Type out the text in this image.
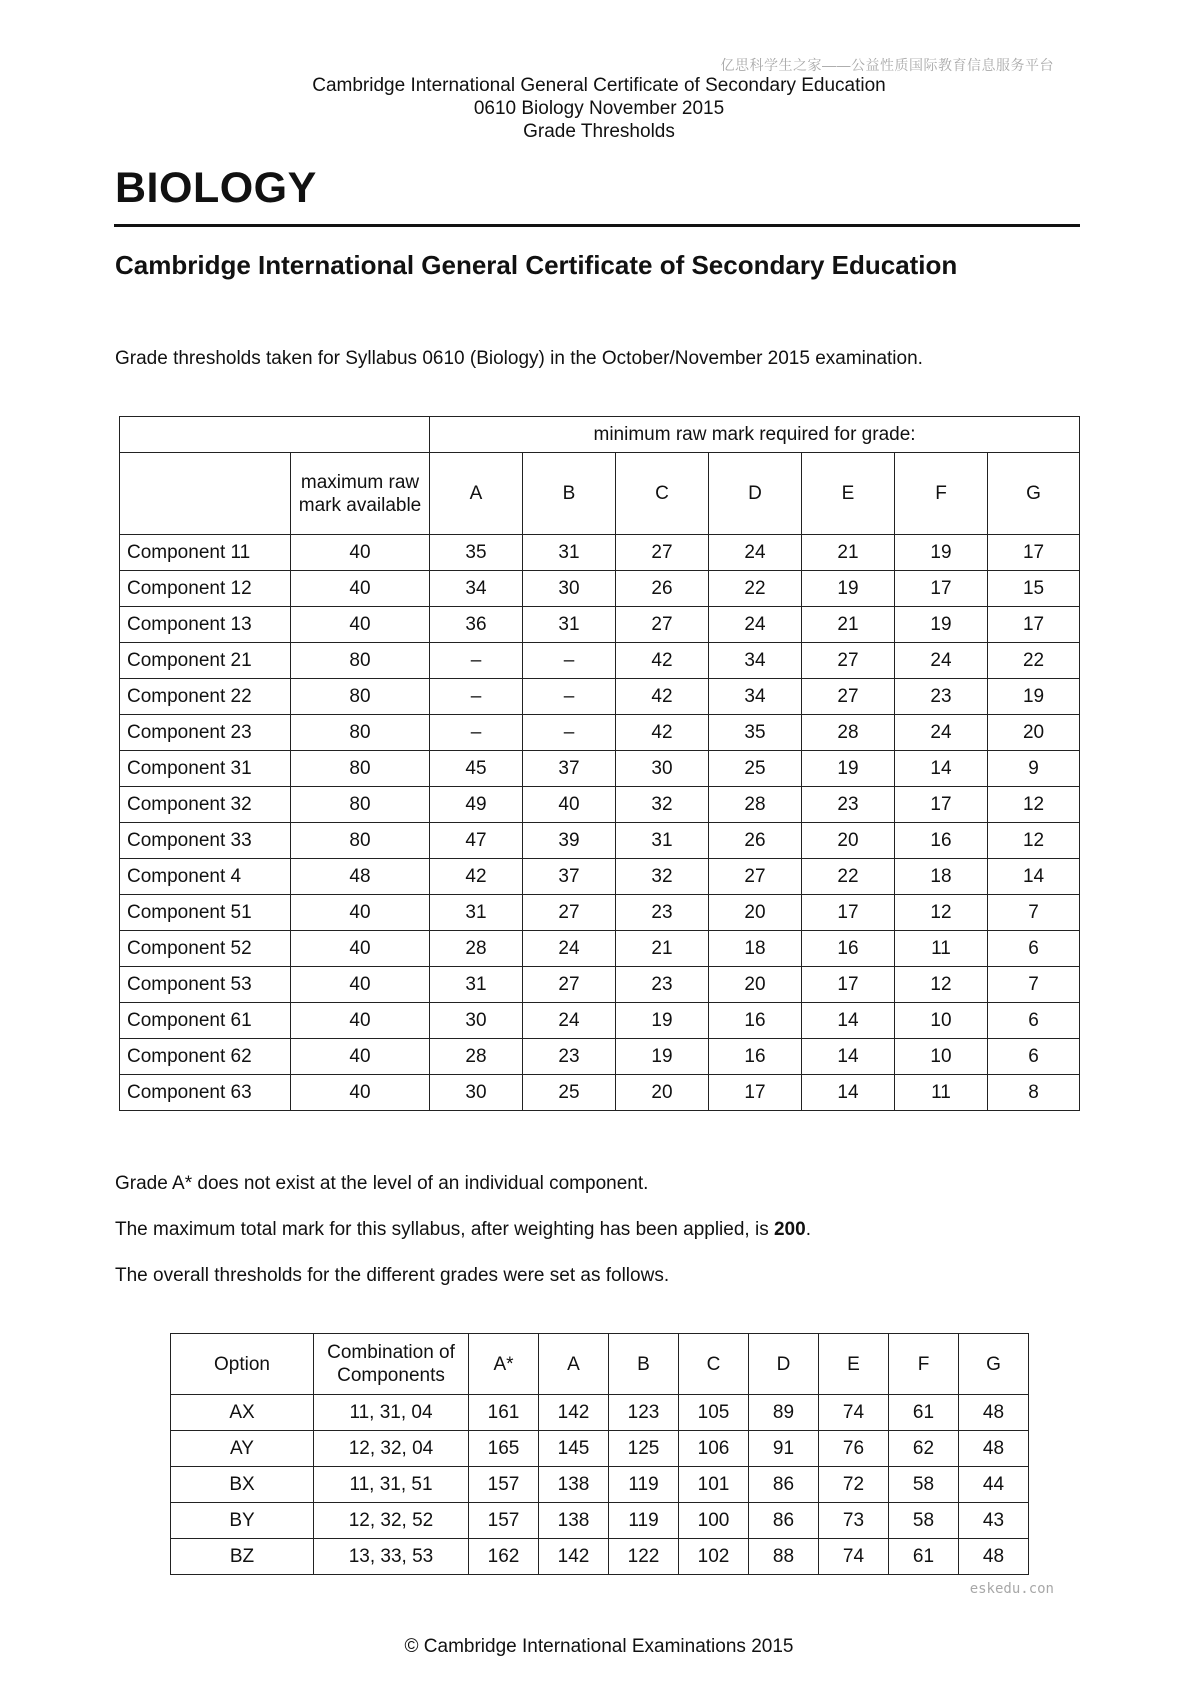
亿思科学生之家——公益性质国际教育信息服务平台
Cambridge International General Certificate of Secondary Education
0610 Biology November 2015
Grade Thresholds
BIOLOGY
Cambridge International General Certificate of Secondary Education
Grade thresholds taken for Syllabus 0610 (Biology) in the October/November 2015 examination.
		minimum raw mark required for grade:						
	maximum raw mark available	A	B	C	D	E	F	G
Component 11	40	35	31	27	24	21	19	17
Component 12	40	34	30	26	22	19	17	15
Component 13	40	36	31	27	24	21	19	17
Component 21	80	–	–	42	34	27	24	22
Component 22	80	–	–	42	34	27	23	19
Component 23	80	–	–	42	35	28	24	20
Component 31	80	45	37	30	25	19	14	9
Component 32	80	49	40	32	28	23	17	12
Component 33	80	47	39	31	26	20	16	12
Component 4	48	42	37	32	27	22	18	14
Component 51	40	31	27	23	20	17	12	7
Component 52	40	28	24	21	18	16	11	6
Component 53	40	31	27	23	20	17	12	7
Component 61	40	30	24	19	16	14	10	6
Component 62	40	28	23	19	16	14	10	6
Component 63	40	30	25	20	17	14	11	8
Grade A* does not exist at the level of an individual component.
The maximum total mark for this syllabus, after weighting has been applied, is 200.
The overall thresholds for the different grades were set as follows.
Option	Combination of Components	A*	A	B	C	D	E	F	G
AX	11, 31, 04	161	142	123	105	89	74	61	48
AY	12, 32, 04	165	145	125	106	91	76	62	48
BX	11, 31, 51	157	138	119	101	86	72	58	44
BY	12, 32, 52	157	138	119	100	86	73	58	43
BZ	13, 33, 53	162	142	122	102	88	74	61	48
eskedu.con
© Cambridge International Examinations 2015
